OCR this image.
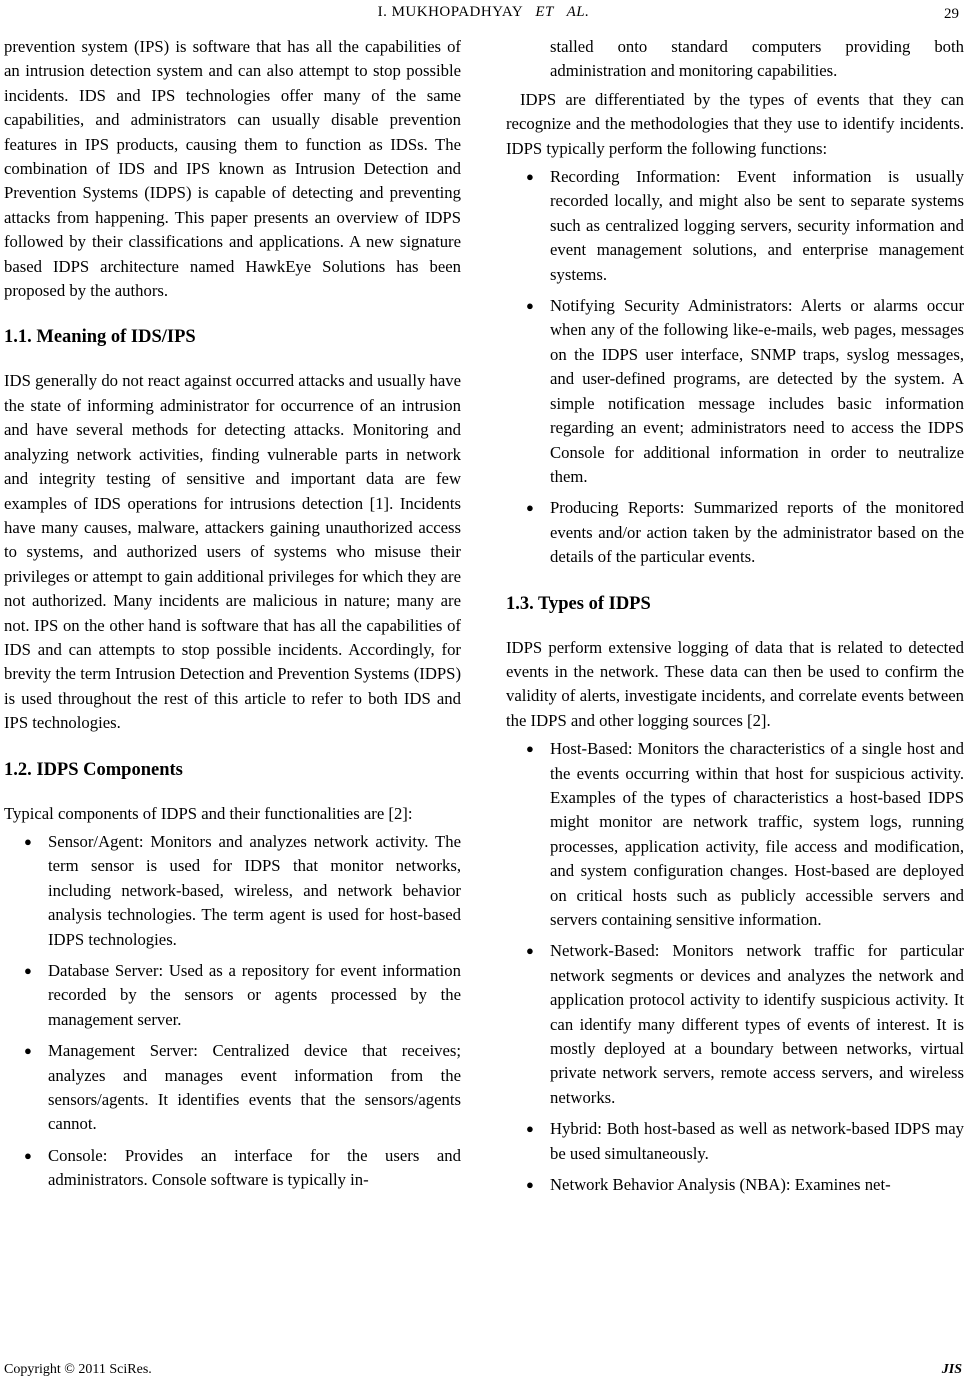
I. MUKHOPADHYAY ET AL.	29

prevention system (IPS) is software that has all the capabilities of an intrusion detection system and can also attempt to stop possible incidents. IDS and IPS technologies offer many of the same capabilities, and administrators can usually disable prevention features in IPS products, causing them to function as IDSs. The combination of IDS and IPS known as Intrusion Detection and Prevention Systems (IDPS) is capable of detecting and preventing attacks from happening. This paper presents an overview of IDPS followed by their classifications and applications. A new signature based IDPS architecture named HawkEye Solutions has been proposed by the authors.

1.1. Meaning of IDS/IPS

IDS generally do not react against occurred attacks and usually have the state of informing administrator for occurrence of an intrusion and have several methods for detecting attacks. Monitoring and analyzing network activities, finding vulnerable parts in network and integrity testing of sensitive and important data are few examples of IDS operations for intrusions detection [1]. Incidents have many causes, malware, attackers gaining unauthorized access to systems, and authorized users of systems who misuse their privileges or attempt to gain additional privileges for which they are not authorized. Many incidents are malicious in nature; many are not. IPS on the other hand is software that has all the capabilities of IDS and can attempts to stop possible incidents. Accordingly, for brevity the term Intrusion Detection and Prevention Systems (IDPS) is used throughout the rest of this article to refer to both IDS and IPS technologies.

1.2. IDPS Components

Typical components of IDPS and their functionalities are [2]:

● Sensor/Agent: Monitors and analyzes network activity. The term sensor is used for IDPS that monitor networks, including network-based, wireless, and network behavior analysis technologies. The term agent is used for host-based IDPS technologies.
● Database Server: Used as a repository for event information recorded by the sensors or agents processed by the management server.
● Management Server: Centralized device that receives; analyzes and manages event information from the sensors/agents. It identifies events that the sensors/agents cannot.
● Console: Provides an interface for the users and administrators. Console software is typically in-

stalled onto standard computers providing both administration and monitoring capabilities.

IDPS are differentiated by the types of events that they can recognize and the methodologies that they use to identify incidents. IDPS typically perform the following functions:

● Recording Information: Event information is usually recorded locally, and might also be sent to separate systems such as centralized logging servers, security information and event management solutions, and enterprise management systems.
● Notifying Security Administrators: Alerts or alarms occur when any of the following like-e-mails, web pages, messages on the IDPS user interface, SNMP traps, syslog messages, and user-defined programs, are detected by the system. A simple notification message includes basic information regarding an event; administrators need to access the IDPS Console for additional information in order to neutralize them.
● Producing Reports: Summarized reports of the monitored events and/or action taken by the administrator based on the details of the particular events.
1.3. Types of IDPS

IDPS perform extensive logging of data that is related to detected events in the network. These data can then be used to confirm the validity of alerts, investigate incidents, and correlate events between the IDPS and other logging sources [2].

● Host-Based: Monitors the characteristics of a single host and the events occurring within that host for suspicious activity. Examples of the types of characteristics a host-based IDPS might monitor are network traffic, system logs, running processes, application activity, file access and modification, and system configuration changes. Host-based are deployed on critical hosts such as publicly accessible servers and servers containing sensitive information.
● Network-Based: Monitors network traffic for particular network segments or devices and analyzes the network and application protocol activity to identify suspicious activity. It can identify many different types of events of interest. It is mostly deployed at a boundary between networks, virtual private network servers, remote access servers, and wireless networks.
● Hybrid: Both host-based as well as network-based IDPS may be used simultaneously.
● Network Behavior Analysis (NBA): Examines net-
Copyright © 2011 SciRes.	JIS
